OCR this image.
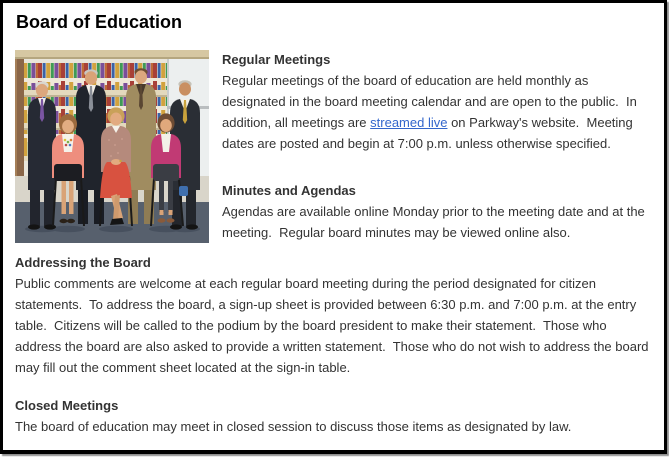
Board of Education
Regular Meetings

Regular meetings of the board of education are held monthly as designated in the board meeting calendar and are open to the public.  In addition, all meetings are streamed live on Parkway's website.  Meeting dates are posted and begin at 7:00 p.m. unless otherwise specified.

Minutes and Agendas

Agendas are available online Monday prior to the meeting date and at the meeting.  Regular board minutes may be viewed online also.

Addressing the Board

Public comments are welcome at each regular board meeting during the period designated for citizen statements.  To address the board, a sign-up sheet is provided between 6:30 p.m. and 7:00 p.m. at the entry table.  Citizens will be called to the podium by the board president to make their statement.  Those who address the board are also asked to provide a written statement.  Those who do not wish to address the board may fill out the comment sheet located at the sign-in table.

Closed Meetings

The board of education may meet in closed session to discuss those items as designated by law.
